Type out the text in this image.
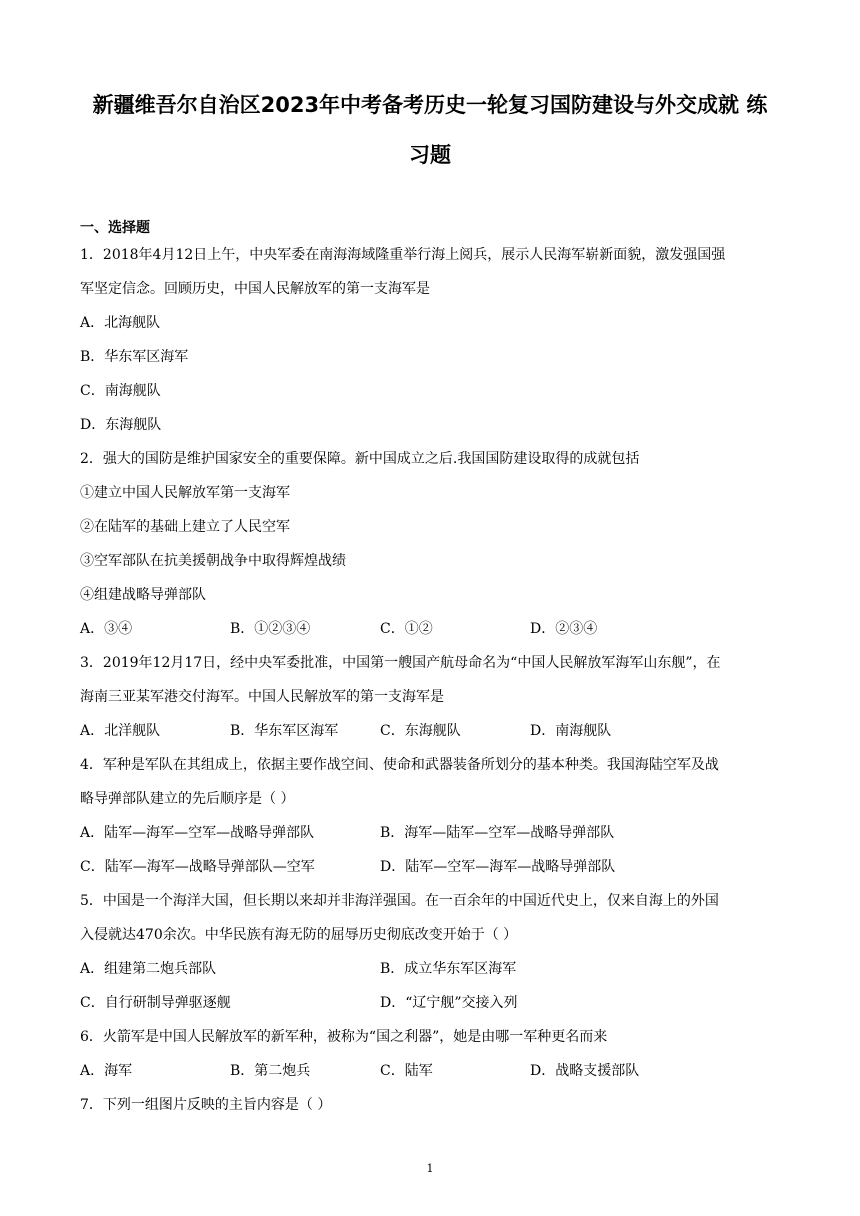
新疆维吾尔自治区2023年中考备考历史一轮复习国防建设与外交成就 练
习题
一、选择题
1．2018年4月12日上午，中央军委在南海海域隆重举行海上阅兵，展示人民海军崭新面貌，激发强国强
军坚定信念。回顾历史，中国人民解放军的第一支海军是
A．北海舰队
B．华东军区海军
C．南海舰队
D．东海舰队
2．强大的国防是维护国家安全的重要保障。新中国成立之后.我国国防建设取得的成就包括
①建立中国人民解放军第一支海军
②在陆军的基础上建立了人民空军
③空军部队在抗美援朝战争中取得辉煌战绩
④组建战略导弹部队
A．③④	B．①②③④	C．①②	D．②③④
3．2019年12月17日，经中央军委批准，中国第一艘国产航母命名为“中国人民解放军海军山东舰”，在
海南三亚某军港交付海军。中国人民解放军的第一支海军是
A．北洋舰队	B．华东军区海军	C．东海舰队	D．南海舰队
4．军种是军队在其组成上，依据主要作战空间、使命和武器装备所划分的基本种类。我国海陆空军及战
略导弹部队建立的先后顺序是（ ）
A．陆军—海军—空军—战略导弹部队	B．海军—陆军—空军—战略导弹部队
C．陆军—海军—战略导弹部队—空军	D．陆军—空军—海军—战略导弹部队
5．中国是一个海洋大国，但长期以来却并非海洋强国。在一百余年的中国近代史上，仅来自海上的外国
入侵就达470余次。中华民族有海无防的屈辱历史彻底改变开始于（ ）
A．组建第二炮兵部队	B．成立华东军区海军
C．自行研制导弹驱逐舰	D．“辽宁舰”交接入列
6．火箭军是中国人民解放军的新军种，被称为“国之利器”，她是由哪一军种更名而来
A．海军	B．第二炮兵	C．陆军	D．战略支援部队
7．下列一组图片反映的主旨内容是（ ）
1
